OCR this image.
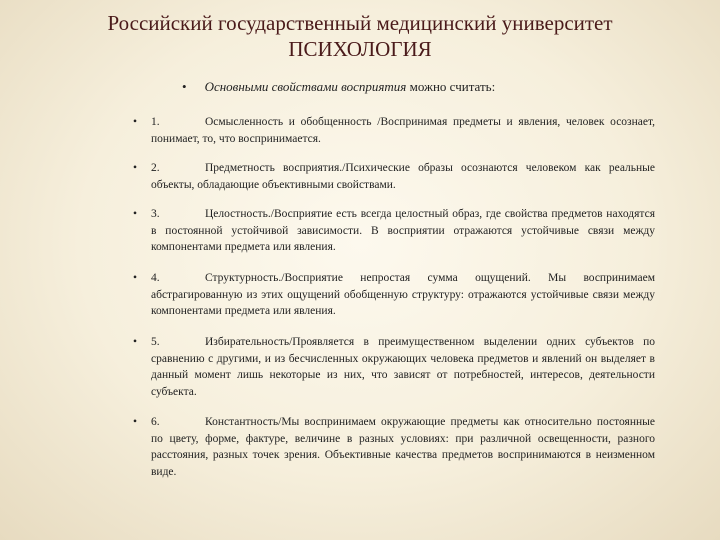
Российский государственный медицинский университет
ПСИХОЛОГИЯ
• Основными свойствами восприятия можно считать:
• 1.	Осмысленность и обобщенность /Воспринимая предметы и явления, человек осознает, понимает, то, что воспринимается.
• 2.	Предметность восприятия./Психические образы осознаются человеком как реальные объекты, обладающие объективными свойствами.
• 3.	Целостность./Восприятие есть всегда целостный образ, где свойства предметов находятся в постоянной устойчивой зависимости. В восприятии отражаются устойчивые связи между компонентами предмета или явления.
• 4.	Структурность./Восприятие непростая сумма ощущений. Мы воспринимаем абстрагированную из этих ощущений обобщенную структуру: отражаются устойчивые связи между компонентами предмета или явления.
• 5.	Избирательность/Проявляется в преимущественном выделении одних субъектов по сравнению с другими, и из бесчисленных окружающих человека предметов и явлений он выделяет в данный момент лишь некоторые из них, что зависят от потребностей, интересов, деятельности субъекта.
• 6.	Константность/Мы воспринимаем окружающие предметы как относительно постоянные по цвету, форме, фактуре, величине в разных условиях: при различной освещенности, разного расстояния, разных точек зрения. Объективные качества предметов воспринимаются в неизменном виде.
